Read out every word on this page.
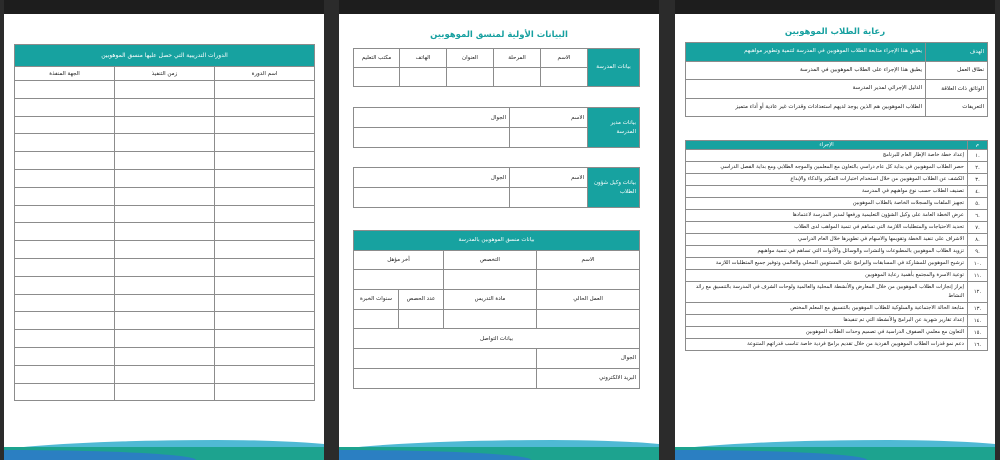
الدورات التدريبية التي حصل عليها منسق الموهوبين		
الجهة المنفذة	زمن التنفيذ	اسم الدورة

البيانات الأولية لمنسق الموهوبين
مكتب التعليم	الهاتف	العنوان	المرحلة	الاسم	بيانات المدرسة

الجوال	الاسم	بيانات مدير المدرسة

الجوال	الاسم	بيانات وكيل شؤون الطلاب

بيانات منسق الموهوبين بالمدرسة			
آخر مؤهل		التخصص	الاسم

سنوات الخبرة	عدد الحصص	مادة التدريس	العمل الحالي

بيانات التواصل			
			الجوال
			البريد الالكتروني
رعاية الطلاب الموهوبين
يطبق هذا الإجراء متابعة الطلاب الموهوبين في المدرسة لتنمية وتطوير مواهبهم	الهدف
يطبق هذا الإجراء على الطلاب الموهوبين في المدرسة	نطاق العمل
الدليل الإجرائي لمدير المدرسة	الوثائق ذات العلاقة
الطلاب الموهوبين هم الذين يوجد لديهم استعدادات وقدرات غير عادية أو أداء متميز	التعريفات
الإجراء	م
إعداد خطة خاصة الإطار العام للبرنامج	١.
حصر الطلاب الموهوبين في بداية كل عام دراسي بالتعاون مع المعلمين والموجه الطلابي ومع بداية الفصل الدراسي	٢.
الكشف عن الطلاب الموهوبين من خلال استخدام اختبارات التفكير والذكاء والإبداع	٣.
تصنيف الطلاب حسب نوع مواهبهم في المدرسة	٤.
تجهيز الملفات والسجلات الخاصة بالطلاب الموهوبين	٥.
عرض الخطة العامة على وكيل الشؤون التعليمية ورفعها لمدير المدرسة لاعتمادها	٦.
تحديد الاحتياجات والمتطلبات اللازمة التي تساهم في تنمية المواهب لدى الطلاب	٧.
الاشراف على تنفيذ الخطة وتقويمها والاسهام في تطويرها خلال العام الدراسي	٨.
تزويد الطلاب الموهوبين بالمطبوعات والنشرات والوسائل والأدوات التي تساهم في تنمية مواهبهم	٩.
ترشيح الموهوبين للمشاركة في المسابقات والبرامج على المستويين المحلي والعالمي وتوفير جميع المتطلبات اللازمة	١٠.
توعية الاسرة والمجتمع بأهمية رعاية الموهوبين	١١.
إبراز إنجازات الطلاب الموهوبين من خلال المعارض والأنشطة المحلية والعالمية ولوحات الشرف في المدرسة بالتنسيق مع رائد النشاط	١٢.
متابعة الحالة الاجتماعية والسلوكية للطلاب الموهوبين بالتنسيق مع المعلم المختص	١٣.
إعداد تقارير شهرية عن البرامج والأنشطة التي تم تنفيذها	١٤.
التعاون مع معلمي الصفوف الدراسية في تصميم وحدات الطلاب الموهوبين	١٥.
دعم نمو قدرات الطلاب الموهوبين الفردية من خلال تقديم برامج فردية خاصة تناسب قدراتهم المتنوعة	١٦.
